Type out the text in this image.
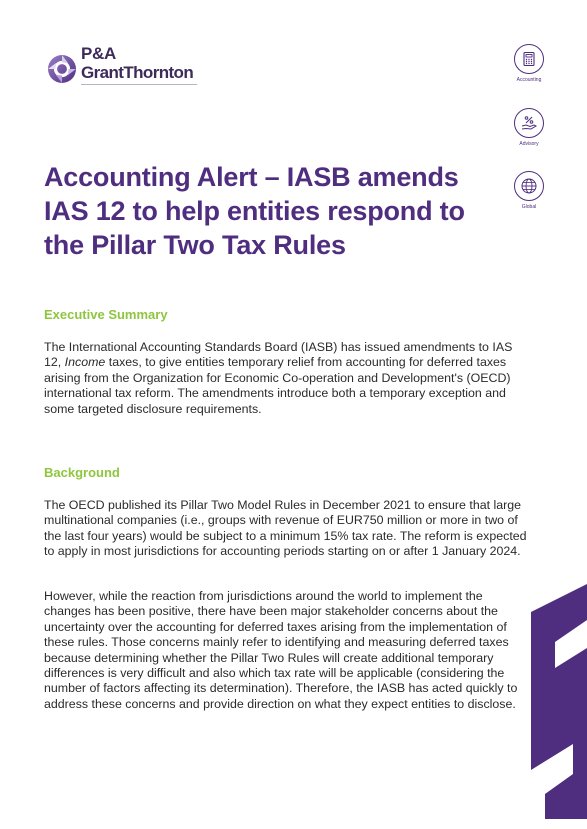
P&A
GrantThornton	Accounting
Advisory
Global
Accounting Alert – IASB amends IAS 12 to help entities respond to the Pillar Two Tax Rules
Executive Summary

The International Accounting Standards Board (IASB) has issued amendments to IAS 12, Income taxes, to give entities temporary relief from accounting for deferred taxes arising from the Organization for Economic Co-operation and Development's (OECD) international tax reform. The amendments introduce both a temporary exception and some targeted disclosure requirements.

Background

The OECD published its Pillar Two Model Rules in December 2021 to ensure that large multinational companies (i.e., groups with revenue of EUR750 million or more in two of the last four years) would be subject to a minimum 15% tax rate. The reform is expected to apply in most jurisdictions for accounting periods starting on or after 1 January 2024.

However, while the reaction from jurisdictions around the world to implement the changes has been positive, there have been major stakeholder concerns about the uncertainty over the accounting for deferred taxes arising from the implementation of these rules. Those concerns mainly refer to identifying and measuring deferred taxes because determining whether the Pillar Two Rules will create additional temporary differences is very difficult and also which tax rate will be applicable (considering the number of factors affecting its determination). Therefore, the IASB has acted quickly to address these concerns and provide direction on what they expect entities to disclose.
